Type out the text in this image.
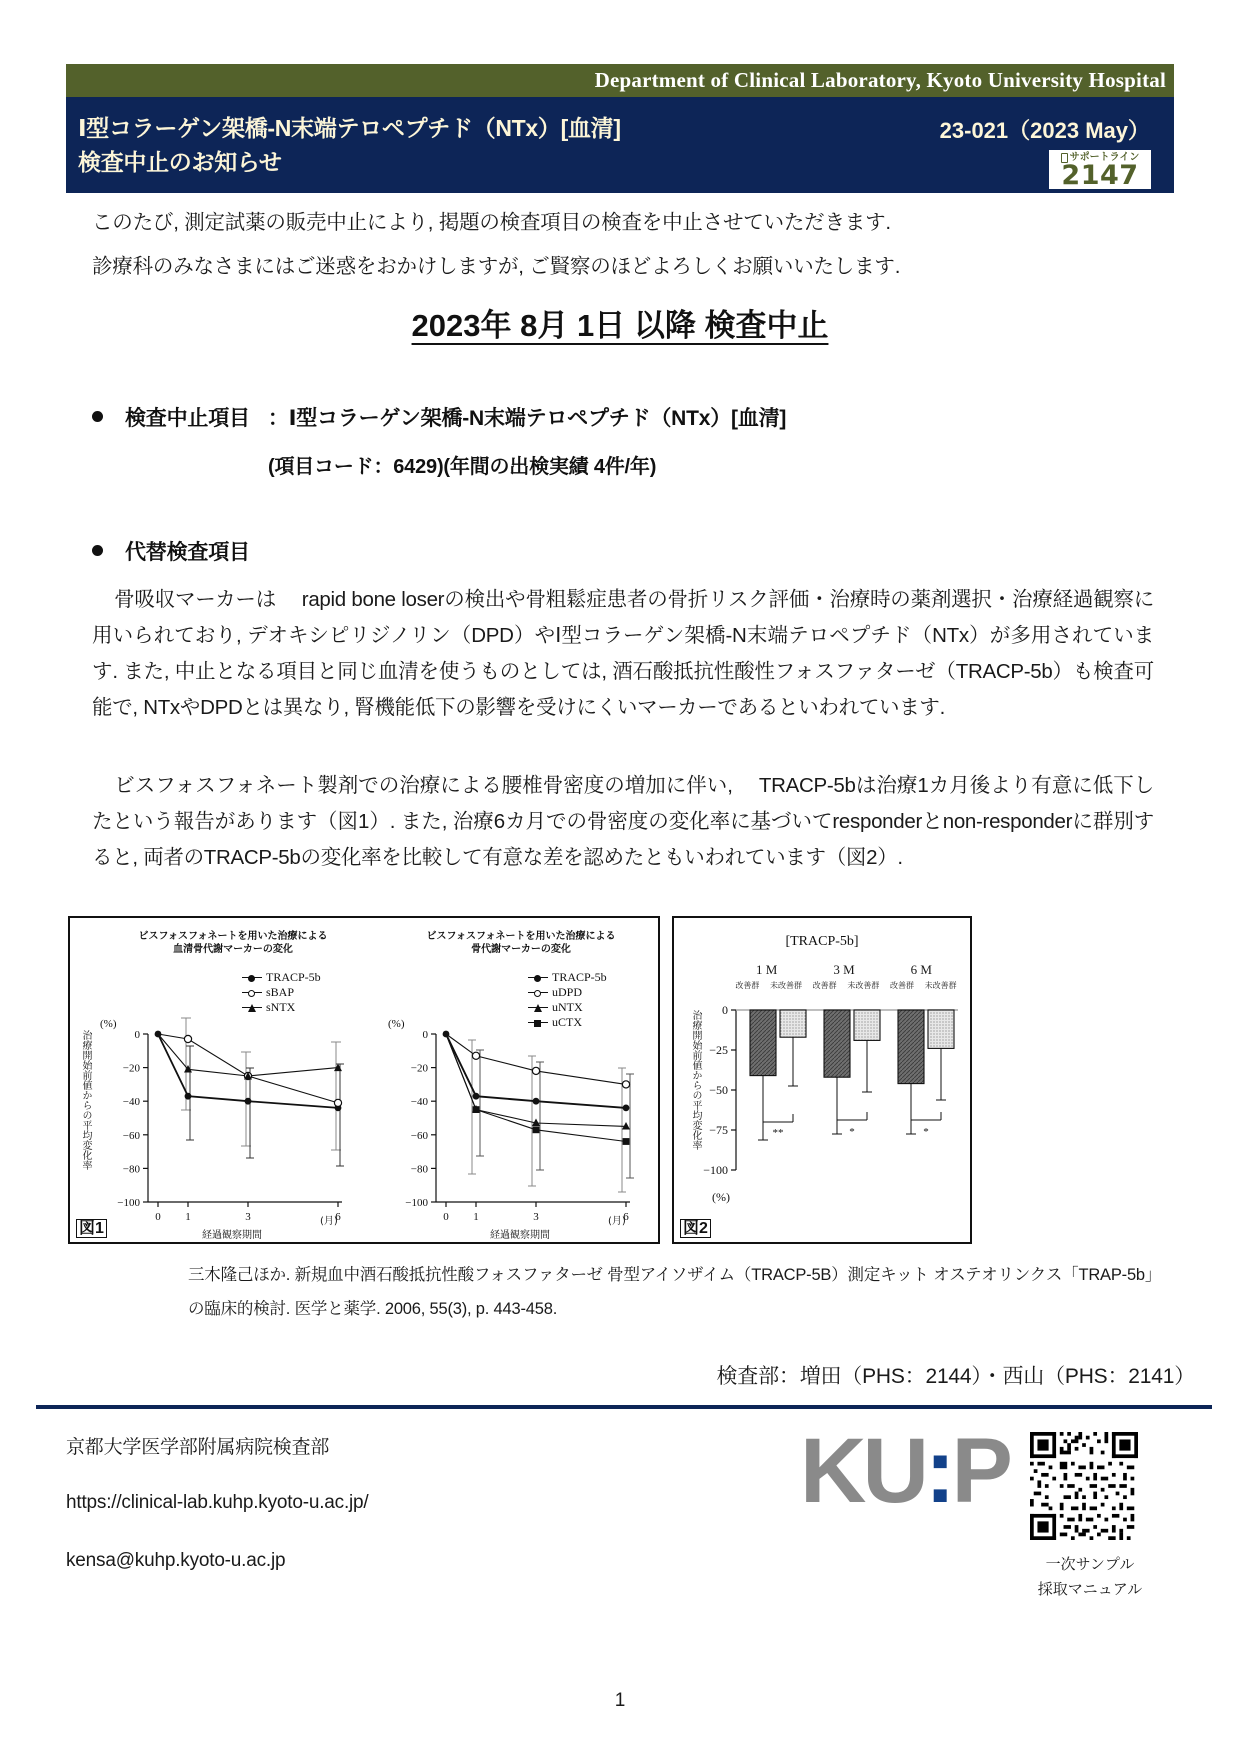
Department of Clinical Laboratory, Kyoto University Hospital
Ⅰ型コラーゲン架橋-N末端テロペプチド（NTx）[血清]
検査中止のお知らせ
23-021（2023 May）
サポートライン
2147
このたび, 測定試薬の販売中止により, 掲題の検査項目の検査を中止させていただきます.
診療科のみなさまにはご迷惑をおかけしますが, ご賢察のほどよろしくお願いいたします.
2023年 8月 1日 以降 検査中止
検査中止項目 ：Ⅰ型コラーゲン架橋-N末端テロペプチド（NTx）[血清]
(項目コード：6429)(年間の出検実績 4件/年)
代替検査項目
骨吸収マーカーは 　rapid bone loserの検出や骨粗鬆症患者の骨折リスク評価・治療時の薬剤選択・治療経過観察に用いられており, デオキシピリジノリン（DPD）やⅠ型コラーゲン架橋-N末端テロペプチド（NTx）が多用されています. また, 中止となる項目と同じ血清を使うものとしては, 酒石酸抵抗性酸性フォスファターゼ（TRACP-5b）も検査可能で, NTxやDPDとは異なり, 腎機能低下の影響を受けにくいマーカーであるといわれています.
ビスフォスフォネート製剤での治療による腰椎骨密度の増加に伴い, 　TRACP-5bは治療1カ月後より有意に低下したという報告があります（図1）. また, 治療6カ月での骨密度の変化率に基づいてresponderとnon-responderに群別すると, 両者のTRACP-5bの変化率を比較して有意な差を認めたともいわれています（図2）.
図1
ビスフォスフォネートを用いた治療による
血清骨代謝マーカーの変化
TRACP-5b
sBAP
sNTX
治療開始前値からの平均変化率
(%)
0
−20
−40
−60
−80
−100
0 1	3	6
経過観察期間
(月)
ビスフォスフォネートを用いた治療による
骨代謝マーカーの変化
TRACP-5b
uDPD
uNTX
uCTX
(%)
0
−20
−40
−60
−80
−100
0 1	3	6
経過観察期間
(月)	図2
[TRACP-5b]
治療開始前値からの平均変化率
(%)
1 M	3 M	6 M
改善群	未改善群	改善群	未改善群	改善群	未改善群
0
−25
−50
−75
−100
**	*	*
三木隆己ほか. 新規血中酒石酸抵抗性酸フォスファターゼ 骨型アイソザイム（TRACP-5B）測定キット オステオリンクス「TRAP-5b」の臨床的検討. 医学と薬学. 2006, 55(3), p. 443-458.
検査部：増田（PHS：2144）・西山（PHS：2141）
京都大学医学部附属病院検査部
https://clinical-lab.kuhp.kyoto-u.ac.jp/
kensa@kuhp.kyoto-u.ac.jp
KU:P
一次サンプル
採取マニュアル
1
